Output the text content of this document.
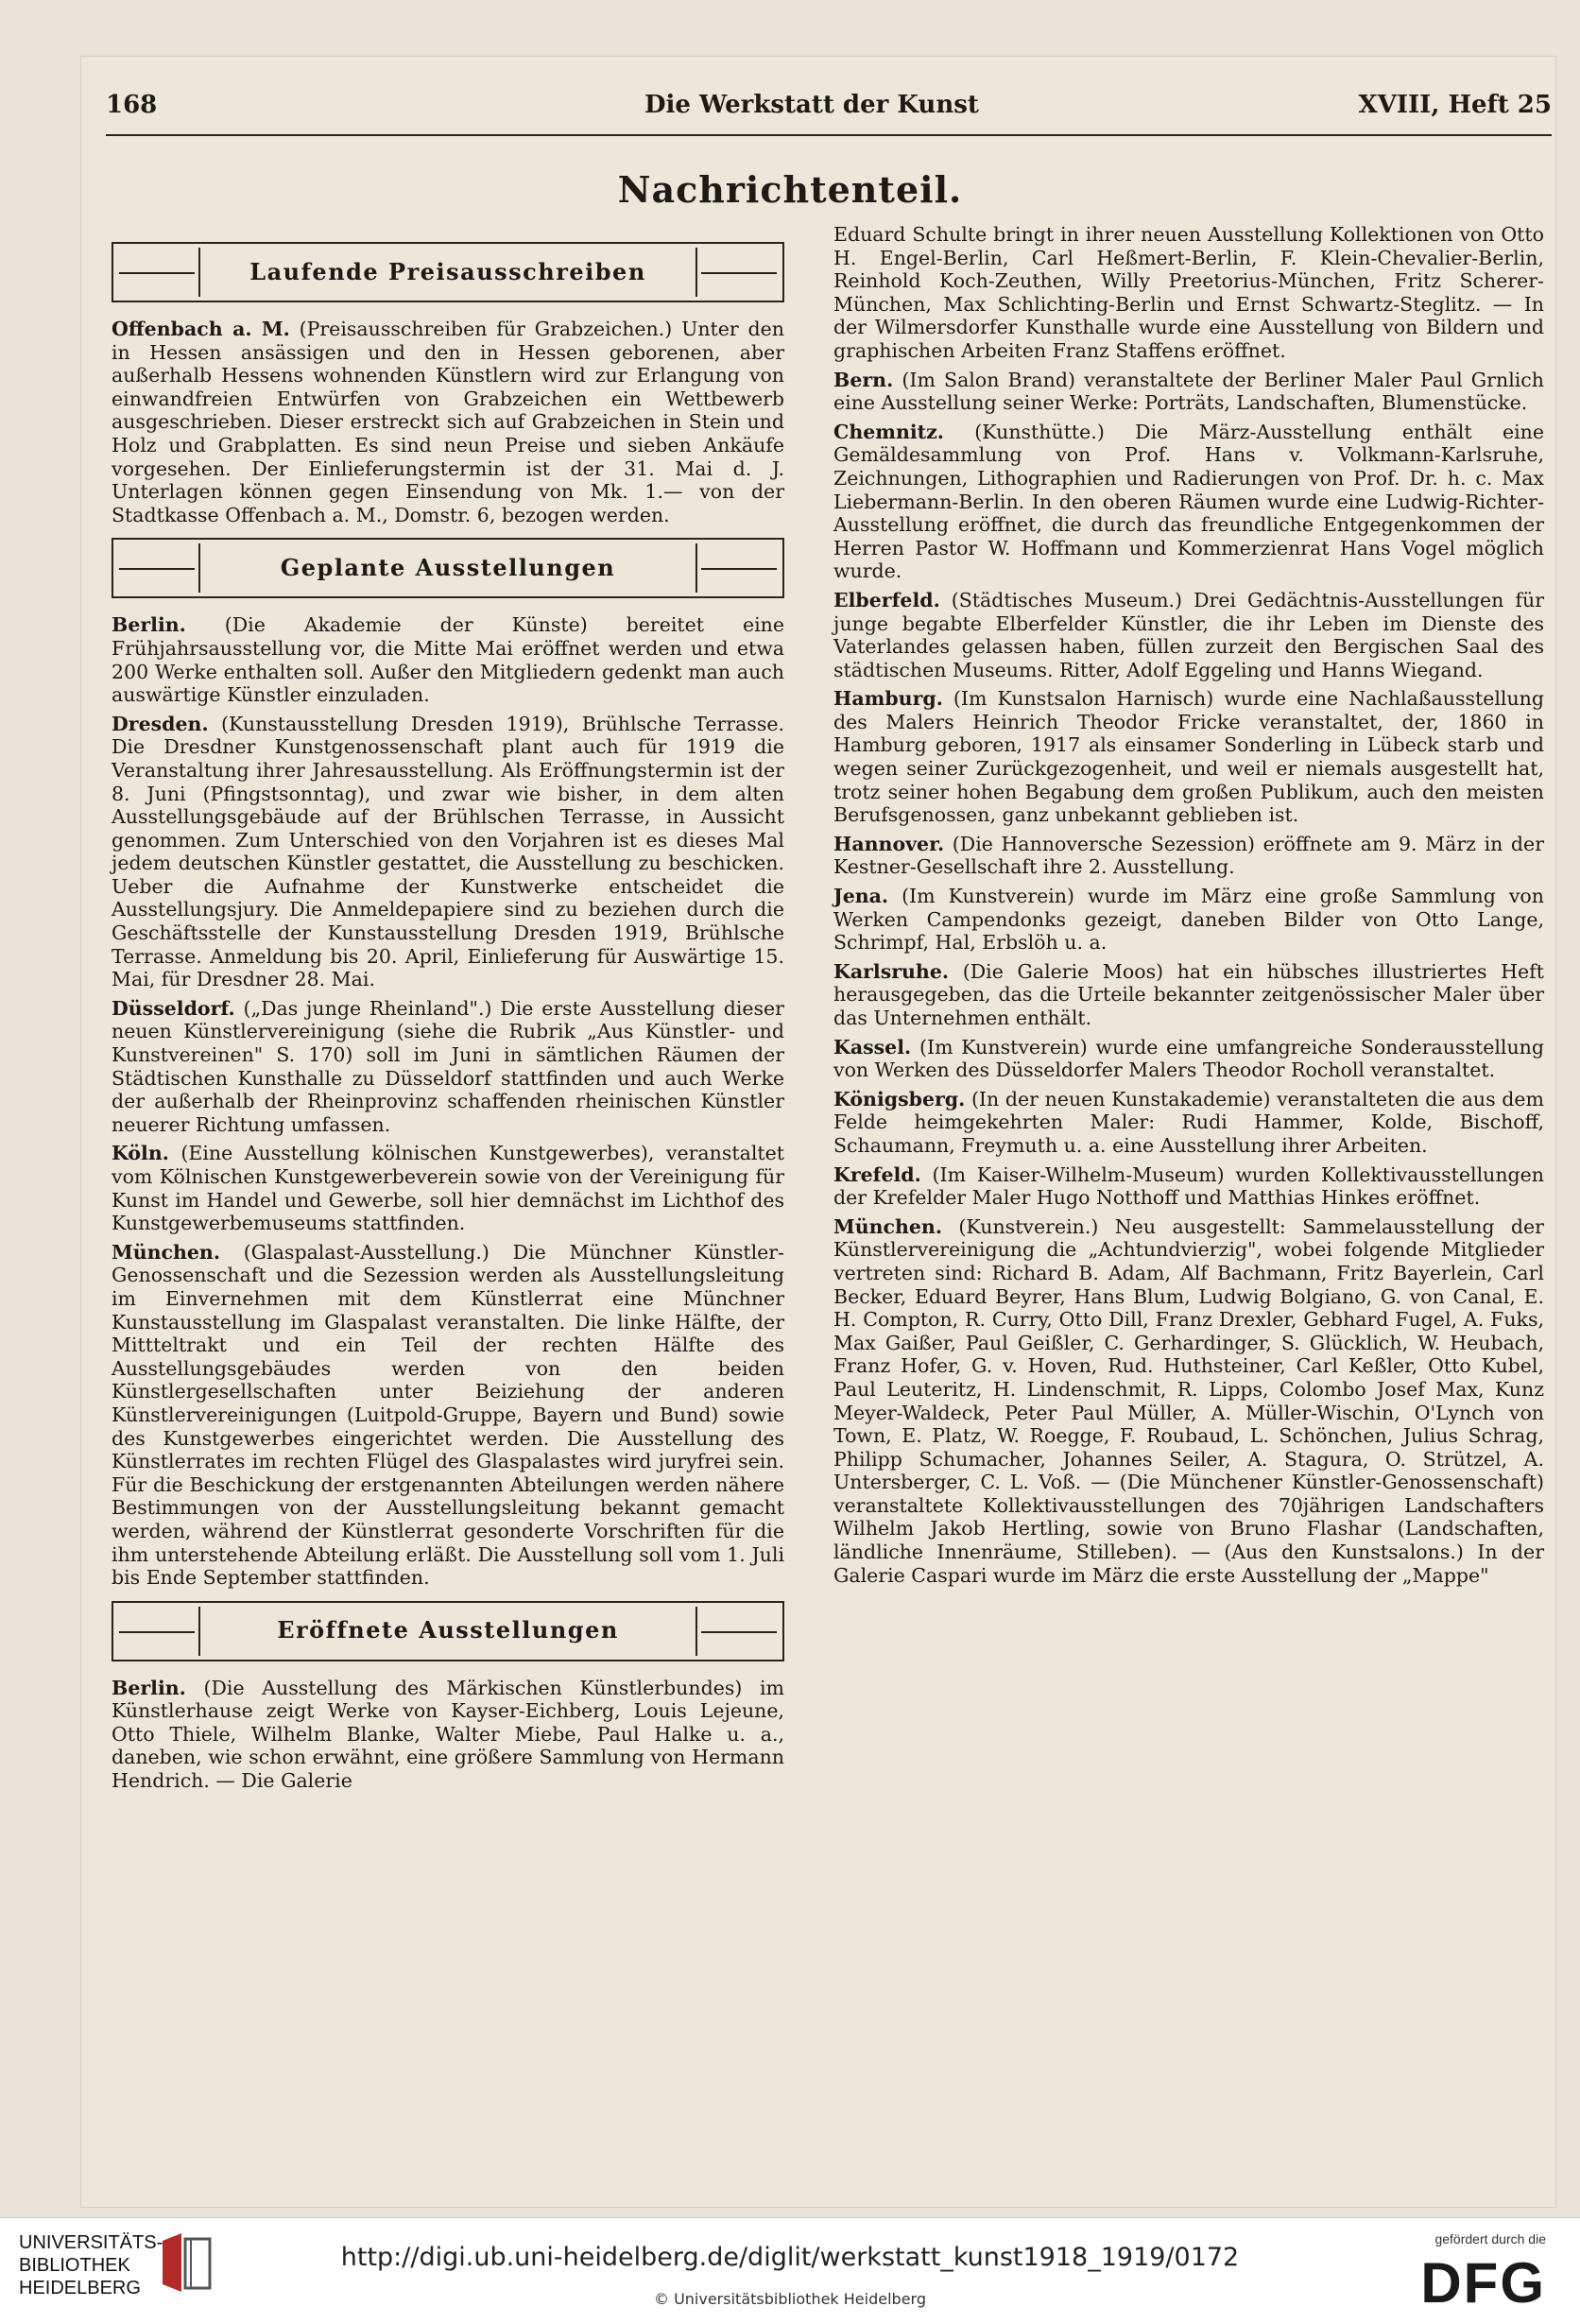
168	Die Werkstatt der Kunst	XVIII, Heft 25
Nachrichtenteil.
Laufende Preisausschreiben

Offenbach a. M. (Preisausschreiben für Grabzeichen.) Unter den in Hessen ansässigen und den in Hessen geborenen, aber außerhalb Hessens wohnenden Künstlern wird zur Erlangung von einwandfreien Entwürfen von Grabzeichen ein Wettbewerb ausgeschrieben. Dieser erstreckt sich auf Grabzeichen in Stein und Holz und Grabplatten. Es sind neun Preise und sieben Ankäufe vorgesehen. Der Einlieferungstermin ist der 31. Mai d. J. Unterlagen können gegen Einsendung von Mk. 1.— von der Stadtkasse Offenbach a. M., Domstr. 6, bezogen werden.

Geplante Ausstellungen

Berlin. (Die Akademie der Künste) bereitet eine Frühjahrsausstellung vor, die Mitte Mai eröffnet werden und etwa 200 Werke enthalten soll. Außer den Mitgliedern gedenkt man auch auswärtige Künstler einzuladen.

Dresden. (Kunstausstellung Dresden 1919), Brühlsche Terrasse. Die Dresdner Kunstgenossenschaft plant auch für 1919 die Veranstaltung ihrer Jahresausstellung. Als Eröffnungstermin ist der 8. Juni (Pfingstsonntag), und zwar wie bisher, in dem alten Ausstellungsgebäude auf der Brühlschen Terrasse, in Aussicht genommen. Zum Unterschied von den Vorjahren ist es dieses Mal jedem deutschen Künstler gestattet, die Ausstellung zu beschicken. Ueber die Aufnahme der Kunstwerke entscheidet die Ausstellungsjury. Die Anmeldepapiere sind zu beziehen durch die Geschäftsstelle der Kunstausstellung Dresden 1919, Brühlsche Terrasse. Anmeldung bis 20. April, Einlieferung für Auswärtige 15. Mai, für Dresdner 28. Mai.

Düsseldorf. („Das junge Rheinland".) Die erste Ausstellung dieser neuen Künstlervereinigung (siehe die Rubrik „Aus Künstler- und Kunstvereinen" S. 170) soll im Juni in sämtlichen Räumen der Städtischen Kunsthalle zu Düsseldorf stattfinden und auch Werke der außerhalb der Rheinprovinz schaffenden rheinischen Künstler neuerer Richtung umfassen.

Köln. (Eine Ausstellung kölnischen Kunstgewerbes), veranstaltet vom Kölnischen Kunstgewerbeverein sowie von der Vereinigung für Kunst im Handel und Gewerbe, soll hier demnächst im Lichthof des Kunstgewerbemuseums stattfinden.

München. (Glaspalast-Ausstellung.) Die Münchner Künstler-Genossenschaft und die Sezession werden als Ausstellungsleitung im Einvernehmen mit dem Künstlerrat eine Münchner Kunstausstellung im Glaspalast veranstalten. Die linke Hälfte, der Mittteltrakt und ein Teil der rechten Hälfte des Ausstellungsgebäudes werden von den beiden Künstlergesellschaften unter Beiziehung der anderen Künstlervereinigungen (Luitpold-Gruppe, Bayern und Bund) sowie des Kunstgewerbes eingerichtet werden. Die Ausstellung des Künstlerrates im rechten Flügel des Glaspalastes wird juryfrei sein. Für die Beschickung der erstgenannten Abteilungen werden nähere Bestimmungen von der Ausstellungsleitung bekannt gemacht werden, während der Künstlerrat gesonderte Vorschriften für die ihm unterstehende Abteilung erläßt. Die Ausstellung soll vom 1. Juli bis Ende September stattfinden.

Eröffnete Ausstellungen

Berlin. (Die Ausstellung des Märkischen Künstlerbundes) im Künstlerhause zeigt Werke von Kayser-Eichberg, Louis Lejeune, Otto Thiele, Wilhelm Blanke, Walter Miebe, Paul Halke u. a., daneben, wie schon erwähnt, eine größere Sammlung von Hermann Hendrich. — Die Galerie

Eduard Schulte bringt in ihrer neuen Ausstellung Kollektionen von Otto H. Engel-Berlin, Carl Heßmert-Berlin, F. Klein-Chevalier-Berlin, Reinhold Koch-Zeuthen, Willy Preetorius-München, Fritz Scherer-München, Max Schlichting-Berlin und Ernst Schwartz-Steglitz. — In der Wilmersdorfer Kunsthalle wurde eine Ausstellung von Bildern und graphischen Arbeiten Franz Staffens eröffnet.

Bern. (Im Salon Brand) veranstaltete der Berliner Maler Paul Grnlich eine Ausstellung seiner Werke: Porträts, Landschaften, Blumenstücke.

Chemnitz. (Kunsthütte.) Die März-Ausstellung enthält eine Gemäldesammlung von Prof. Hans v. Volkmann-Karlsruhe, Zeichnungen, Lithographien und Radierungen von Prof. Dr. h. c. Max Liebermann-Berlin. In den oberen Räumen wurde eine Ludwig-Richter-Ausstellung eröffnet, die durch das freundliche Entgegenkommen der Herren Pastor W. Hoffmann und Kommerzienrat Hans Vogel möglich wurde.

Elberfeld. (Städtisches Museum.) Drei Gedächtnis-Ausstellungen für junge begabte Elberfelder Künstler, die ihr Leben im Dienste des Vaterlandes gelassen haben, füllen zurzeit den Bergischen Saal des städtischen Museums. Ritter, Adolf Eggeling und Hanns Wiegand.

Hamburg. (Im Kunstsalon Harnisch) wurde eine Nachlaßausstellung des Malers Heinrich Theodor Fricke veranstaltet, der, 1860 in Hamburg geboren, 1917 als einsamer Sonderling in Lübeck starb und wegen seiner Zurückgezogenheit, und weil er niemals ausgestellt hat, trotz seiner hohen Begabung dem großen Publikum, auch den meisten Berufsgenossen, ganz unbekannt geblieben ist.

Hannover. (Die Hannoversche Sezession) eröffnete am 9. März in der Kestner-Gesellschaft ihre 2. Ausstellung.

Jena. (Im Kunstverein) wurde im März eine große Sammlung von Werken Campendonks gezeigt, daneben Bilder von Otto Lange, Schrimpf, Hal, Erbslöh u. a.

Karlsruhe. (Die Galerie Moos) hat ein hübsches illustriertes Heft herausgegeben, das die Urteile bekannter zeitgenössischer Maler über das Unternehmen enthält.

Kassel. (Im Kunstverein) wurde eine umfangreiche Sonderausstellung von Werken des Düsseldorfer Malers Theodor Rocholl veranstaltet.

Königsberg. (In der neuen Kunstakademie) veranstalteten die aus dem Felde heimgekehrten Maler: Rudi Hammer, Kolde, Bischoff, Schaumann, Freymuth u. a. eine Ausstellung ihrer Arbeiten.

Krefeld. (Im Kaiser-Wilhelm-Museum) wurden Kollektivausstellungen der Krefelder Maler Hugo Notthoff und Matthias Hinkes eröffnet.

München. (Kunstverein.) Neu ausgestellt: Sammelausstellung der Künstlervereinigung die „Achtundvierzig", wobei folgende Mitglieder vertreten sind: Richard B. Adam, Alf Bachmann, Fritz Bayerlein, Carl Becker, Eduard Beyrer, Hans Blum, Ludwig Bolgiano, G. von Canal, E. H. Compton, R. Curry, Otto Dill, Franz Drexler, Gebhard Fugel, A. Fuks, Max Gaißer, Paul Geißler, C. Gerhardinger, S. Glücklich, W. Heubach, Franz Hofer, G. v. Hoven, Rud. Huthsteiner, Carl Keßler, Otto Kubel, Paul Leuteritz, H. Lindenschmit, R. Lipps, Colombo Josef Max, Kunz Meyer-Waldeck, Peter Paul Müller, A. Müller-Wischin, O'Lynch von Town, E. Platz, W. Roegge, F. Roubaud, L. Schönchen, Julius Schrag, Philipp Schumacher, Johannes Seiler, A. Stagura, O. Strützel, A. Untersberger, C. L. Voß. — (Die Münchener Künstler-Genossenschaft) veranstaltete Kollektivausstellungen des 70jährigen Landschafters Wilhelm Jakob Hertling, sowie von Bruno Flashar (Landschaften, ländliche Innenräume, Stilleben). — (Aus den Kunstsalons.) In der Galerie Caspari wurde im März die erste Ausstellung der „Mappe"

UNIVERSITÄTS-
BIBLIOTHEK
HEIDELBERG
http://digi.ub.uni-heidelberg.de/diglit/werkstatt_kunst1918_1919/0172
© Universitätsbibliothek Heidelberg
gefördert durch die
DFG
